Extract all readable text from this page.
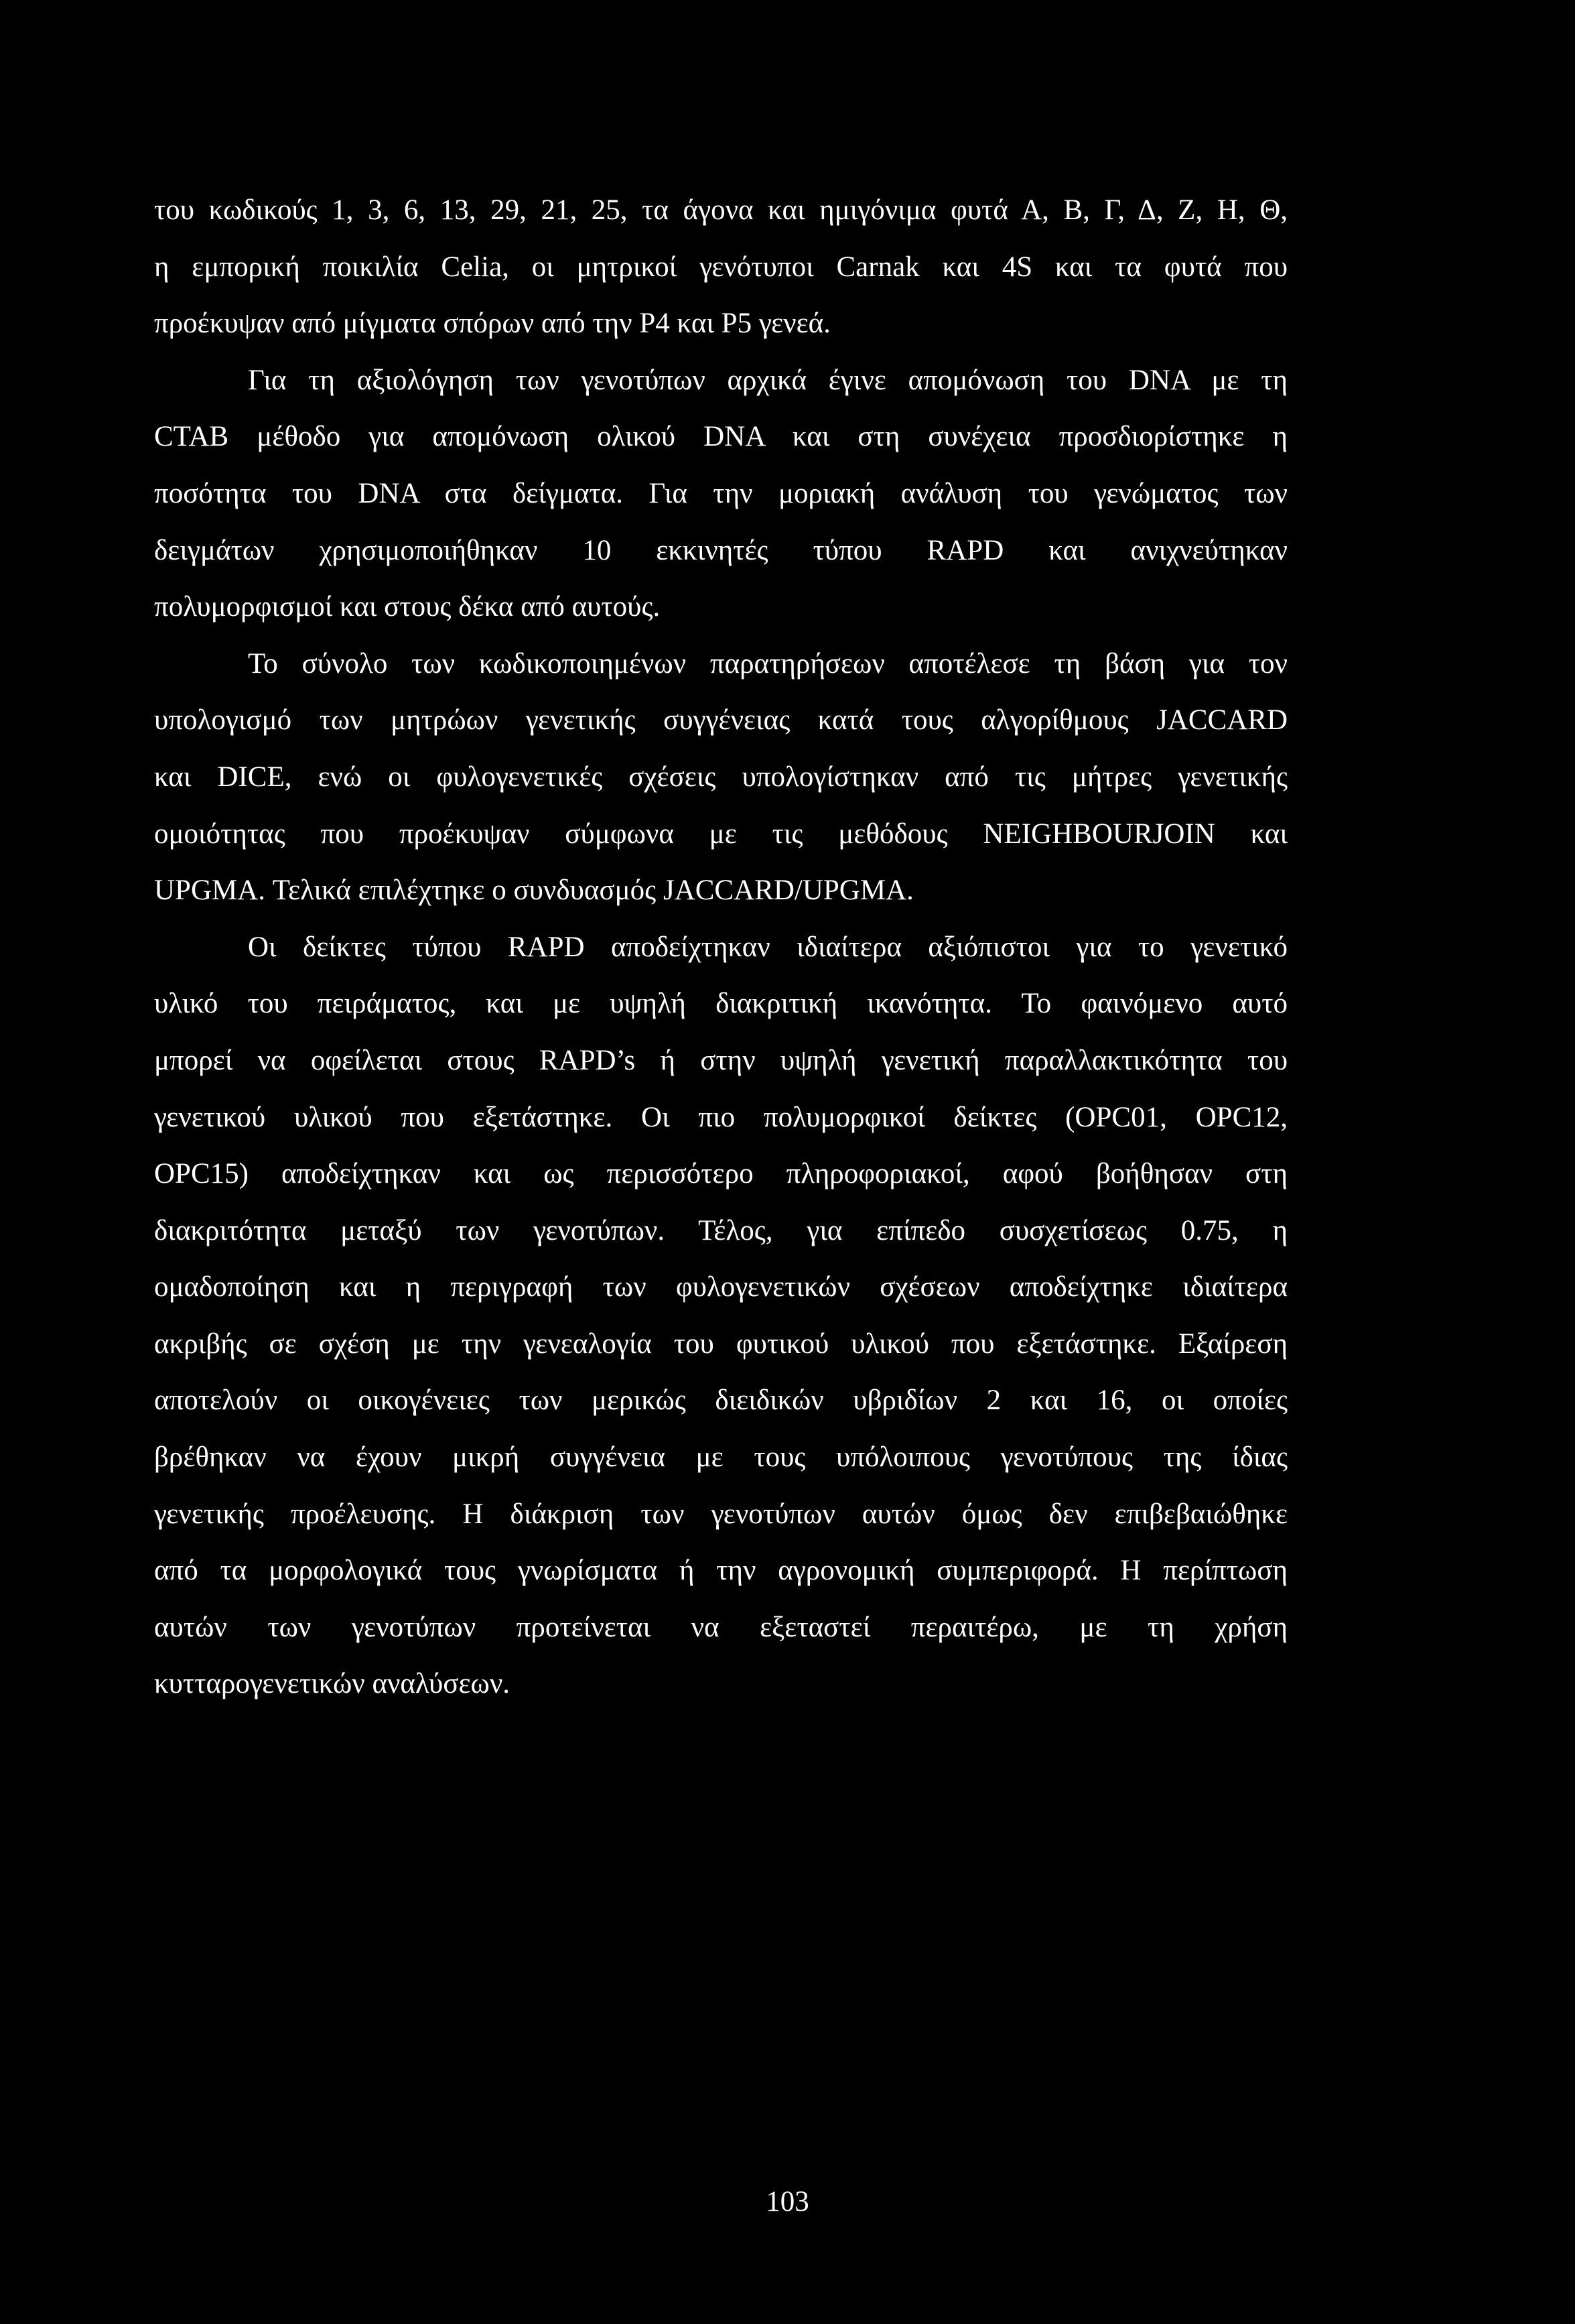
του κωδικούς 1, 3, 6, 13, 29, 21, 25, τα άγονα και ημιγόνιμα φυτά Α, Β, Γ, Δ, Ζ, Η, Θ,
η εμπορική ποικιλία Celia, οι μητρικοί γενότυποι Carnak και 4S και τα φυτά που
προέκυψαν από μίγματα σπόρων από την P4 και P5 γενεά.
Για τη αξιολόγηση των γενοτύπων αρχικά έγινε απομόνωση του DNA με τη
CTAB μέθοδο για απομόνωση ολικού DNA και στη συνέχεια προσδιορίστηκε η
ποσότητα του DNA στα δείγματα. Για την μοριακή ανάλυση του γενώματος των
δειγμάτων χρησιμοποιήθηκαν 10 εκκινητές τύπου RAPD και ανιχνεύτηκαν
πολυμορφισμοί και στους δέκα από αυτούς.
Το σύνολο των κωδικοποιημένων παρατηρήσεων αποτέλεσε τη βάση για τον
υπολογισμό των μητρώων γενετικής συγγένειας κατά τους αλγορίθμους JACCARD
και DICE, ενώ οι φυλογενετικές σχέσεις υπολογίστηκαν από τις μήτρες γενετικής
ομοιότητας που προέκυψαν σύμφωνα με τις μεθόδους NEIGHBOURJOIN και
UPGMA. Τελικά επιλέχτηκε ο συνδυασμός JACCARD/UPGMA.
Οι δείκτες τύπου RAPD αποδείχτηκαν ιδιαίτερα αξιόπιστοι για το γενετικό
υλικό του πειράματος, και με υψηλή διακριτική ικανότητα. Το φαινόμενο αυτό
μπορεί να οφείλεται στους RAPD’s ή στην υψηλή γενετική παραλλακτικότητα του
γενετικού υλικού που εξετάστηκε. Οι πιο πολυμορφικοί δείκτες (OPC01, OPC12,
OPC15) αποδείχτηκαν και ως περισσότερο πληροφοριακοί, αφού βοήθησαν στη
διακριτότητα μεταξύ των γενοτύπων. Τέλος, για επίπεδο συσχετίσεως 0.75, η
ομαδοποίηση και η περιγραφή των φυλογενετικών σχέσεων αποδείχτηκε ιδιαίτερα
ακριβής σε σχέση με την γενεαλογία του φυτικού υλικού που εξετάστηκε. Εξαίρεση
αποτελούν οι οικογένειες των μερικώς διειδικών υβριδίων 2 και 16, οι οποίες
βρέθηκαν να έχουν μικρή συγγένεια με τους υπόλοιπους γενοτύπους της ίδιας
γενετικής προέλευσης. Η διάκριση των γενοτύπων αυτών όμως δεν επιβεβαιώθηκε
από τα μορφολογικά τους γνωρίσματα ή την αγρονομική συμπεριφορά. Η περίπτωση
αυτών των γενοτύπων προτείνεται να εξεταστεί περαιτέρω, με τη χρήση
κυτταρογενετικών αναλύσεων.
103
